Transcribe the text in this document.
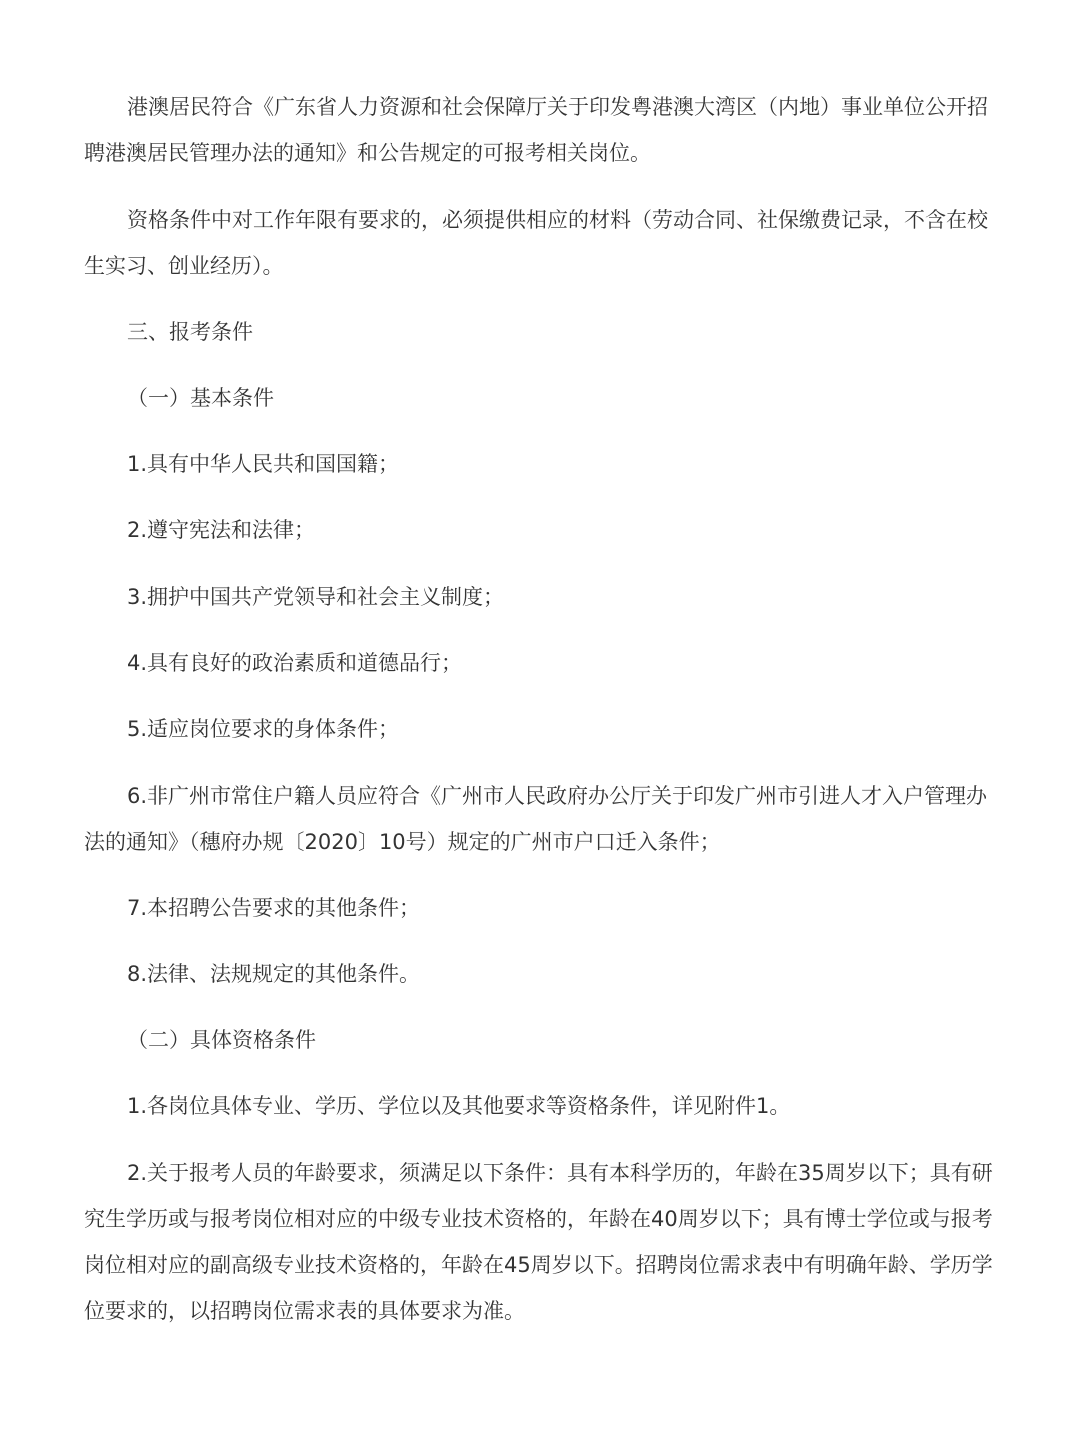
港澳居民符合《广东省人力资源和社会保障厅关于印发粤港澳大湾区（内地）事业单位公开招聘港澳居民管理办法的通知》和公告规定的可报考相关岗位。

资格条件中对工作年限有要求的，必须提供相应的材料（劳动合同、社保缴费记录，不含在校生实习、创业经历）。

三、报考条件

（一）基本条件

1.具有中华人民共和国国籍；

2.遵守宪法和法律；

3.拥护中国共产党领导和社会主义制度；

4.具有良好的政治素质和道德品行；

5.适应岗位要求的身体条件；

6.非广州市常住户籍人员应符合《广州市人民政府办公厅关于印发广州市引进人才入户管理办法的通知》（穗府办规〔2020〕10号）规定的广州市户口迁入条件；

7.本招聘公告要求的其他条件；

8.法律、法规规定的其他条件。

（二）具体资格条件

1.各岗位具体专业、学历、学位以及其他要求等资格条件，详见附件1。

2.关于报考人员的年龄要求，须满足以下条件：具有本科学历的，年龄在35周岁以下；具有研究生学历或与报考岗位相对应的中级专业技术资格的，年龄在40周岁以下；具有博士学位或与报考岗位相对应的副高级专业技术资格的，年龄在45周岁以下。招聘岗位需求表中有明确年龄、学历学位要求的，以招聘岗位需求表的具体要求为准。
